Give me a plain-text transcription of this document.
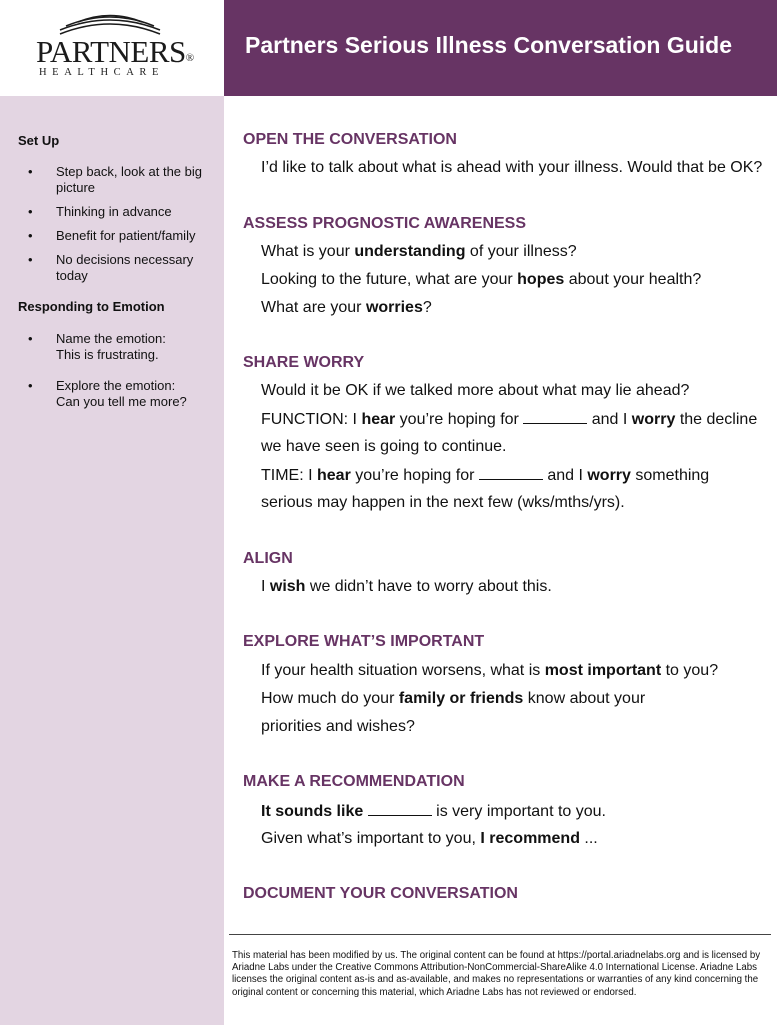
PARTNERS®
HEALTHCARE
Partners Serious Illness Conversation Guide
Set Up
• Step back, look at the big picture
• Thinking in advance
• Benefit for patient/family
• No decisions necessary today
Responding to Emotion
• Name the emotion:
This is frustrating.
• Explore the emotion:
Can you tell me more?
OPEN THE CONVERSATION
I’d like to talk about what is ahead with your illness. Would that be OK?
ASSESS PROGNOSTIC AWARENESS
What is your understanding of your illness?
Looking to the future, what are your hopes about your health?
What are your worries?
SHARE WORRY
Would it be OK if we talked more about what may lie ahead?
FUNCTION: I hear you’re hoping for	and I worry the decline
we have seen is going to continue.
TIME: I hear you’re hoping for	and I worry something
serious may happen in the next few (wks/mths/yrs).
ALIGN
I wish we didn’t have to worry about this.
EXPLORE WHAT’S IMPORTANT
If your health situation worsens, what is most important to you?
How much do your family or friends know about your
priorities and wishes?
MAKE A RECOMMENDATION
It sounds like	is very important to you.
Given what’s important to you, I recommend ...
DOCUMENT YOUR CONVERSATION
This material has been modified by us. The original content can be found at https://portal.ariadnelabs.org and is licensed by Ariadne Labs under the Creative Commons Attribution-NonCommercial-ShareAlike 4.0 International License. Ariadne Labs licenses the original content as-is and as-available, and makes no representations or warranties of any kind concerning the original content or concerning this material, which Ariadne Labs has not reviewed or endorsed.
